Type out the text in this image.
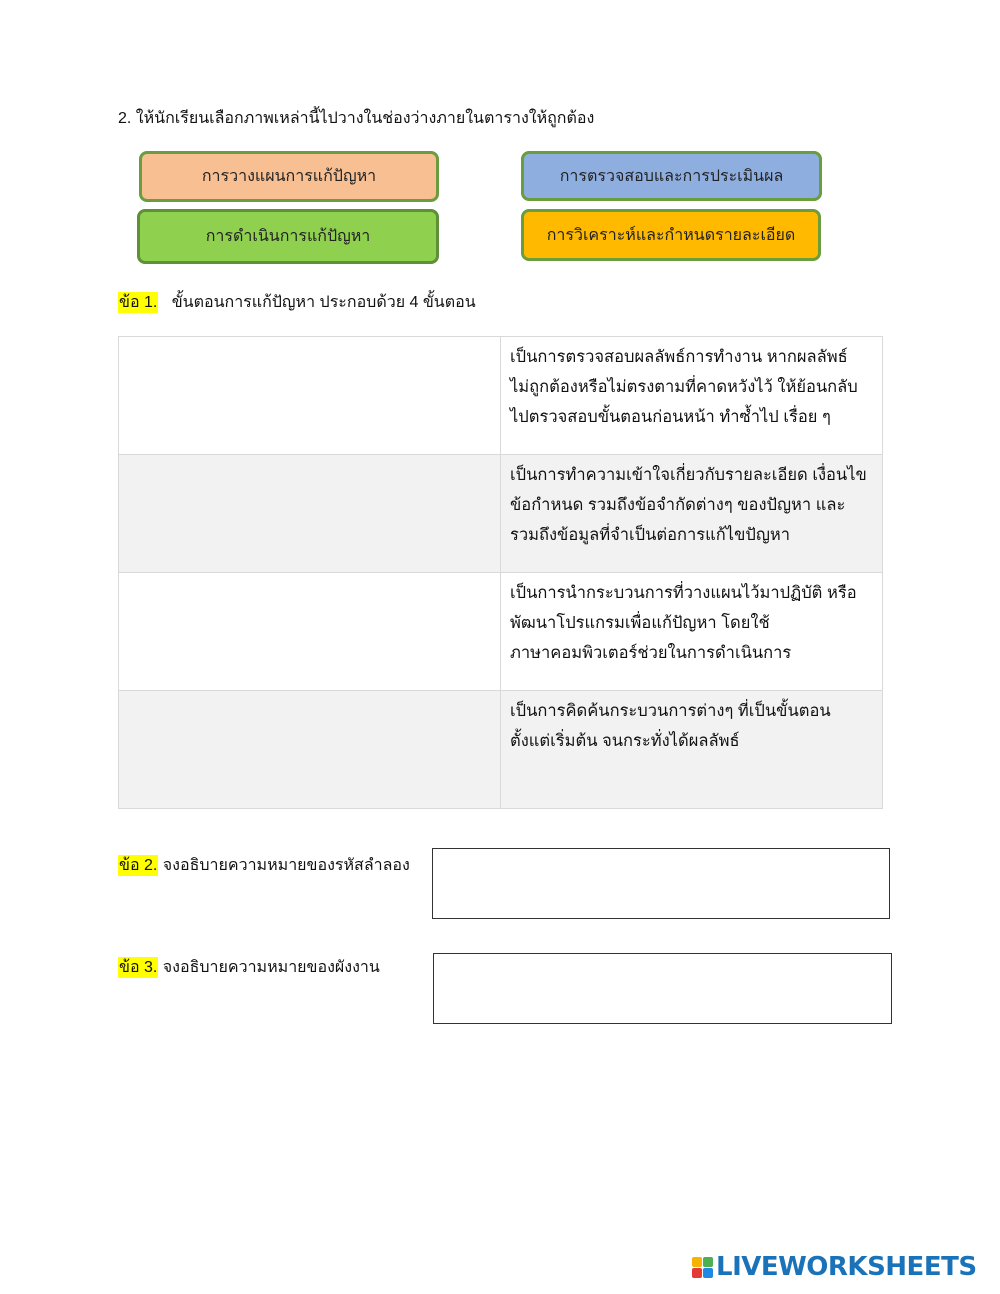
2. ให้นักเรียนเลือกภาพเหล่านี้ไปวางในช่องว่างภายในตารางให้ถูกต้อง
การวางแผนการแก้ปัญหา	การตรวจสอบและการประเมินผล
การดำเนินการแก้ปัญหา	การวิเคราะห์และกำหนดรายละเอียด
ข้อ 1. ขั้นตอนการแก้ปัญหา ประกอบด้วย 4 ขั้นตอน

	เป็นการตรวจสอบผลลัพธ์การทำงาน หากผลลัพธ์
ไม่ถูกต้องหรือไม่ตรงตามที่คาดหวังไว้ ให้ย้อนกลับ
ไปตรวจสอบขั้นตอนก่อนหน้า ทำซ้ำไป เรื่อย ๆ

	เป็นการทำความเข้าใจเกี่ยวกับรายละเอียด เงื่อนไข
ข้อกำหนด รวมถึงข้อจำกัดต่างๆ ของปัญหา และ
รวมถึงข้อมูลที่จำเป็นต่อการแก้ไขปัญหา

	เป็นการนำกระบวนการที่วางแผนไว้มาปฏิบัติ หรือ
พัฒนาโปรแกรมเพื่อแก้ปัญหา โดยใช้
ภาษาคอมพิวเตอร์ช่วยในการดำเนินการ

	เป็นการคิดค้นกระบวนการต่างๆ ที่เป็นขั้นตอน
ตั้งแต่เริ่มต้น จนกระทั่งได้ผลลัพธ์
ข้อ 2. จงอธิบายความหมายของรหัสลำลอง
ข้อ 3. จงอธิบายความหมายของผังงาน
LIVEWORKSHEETS
